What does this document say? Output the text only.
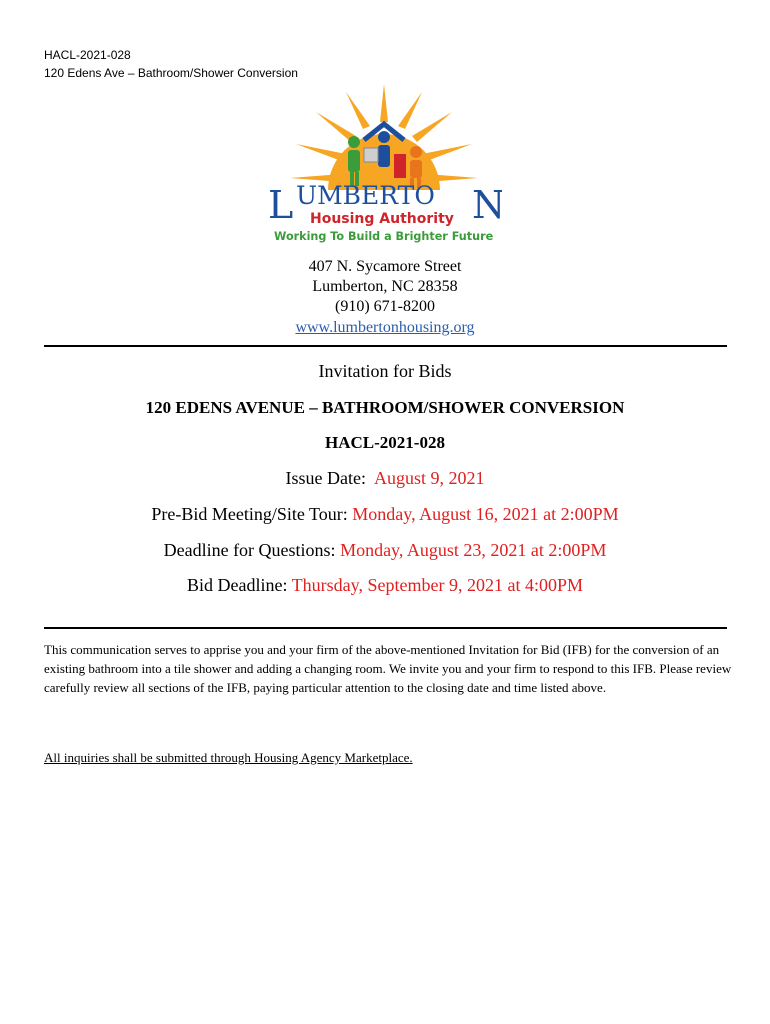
HACL-2021-028
120 Edens Ave – Bathroom/Shower Conversion
L UMBERTO N
Housing Authority
Working To Build a Brighter Future
407 N. Sycamore Street
Lumberton, NC 28358
(910) 671-8200
www.lumbertonhousing.org
Invitation for Bids
120 EDENS AVENUE – BATHROOM/SHOWER CONVERSION
HACL-2021-028
Issue Date:  August 9, 2021
Pre-Bid Meeting/Site Tour: Monday, August 16, 2021 at 2:00PM
Deadline for Questions: Monday, August 23, 2021 at 2:00PM
Bid Deadline: Thursday, September 9, 2021 at 4:00PM
This communication serves to apprise you and your firm of the above-mentioned Invitation for Bid (IFB) for the conversion of an existing bathroom into a tile shower and adding a changing room. We invite you and your firm to respond to this IFB. Please review carefully review all sections of the IFB, paying particular attention to the closing date and time listed above.
All inquiries shall be submitted through Housing Agency Marketplace.
